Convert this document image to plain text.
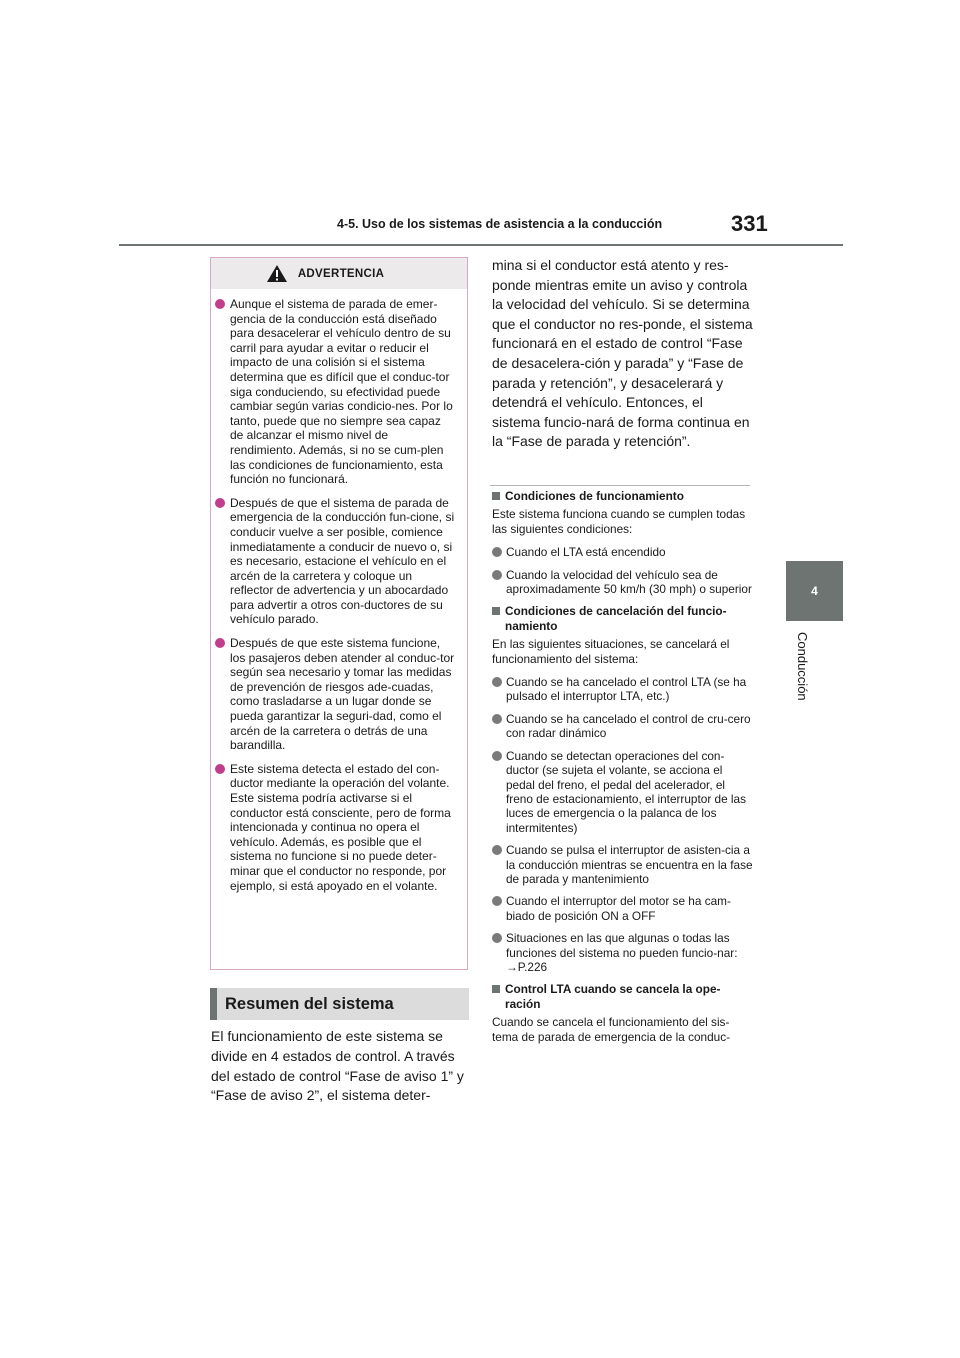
4-5. Uso de los sistemas de asistencia a la conducción	331
4
Conducción
ADVERTENCIA
Aunque el sistema de parada de emer-gencia de la conducción está diseñado para desacelerar el vehículo dentro de su carril para ayudar a evitar o reducir el impacto de una colisión si el sistema determina que es difícil que el conduc-tor siga conduciendo, su efectividad puede cambiar según varias condicio-nes. Por lo tanto, puede que no siempre sea capaz de alcanzar el mismo nivel de rendimiento. Además, si no se cum-plen las condiciones de funcionamiento, esta función no funcionará.
Después de que el sistema de parada de emergencia de la conducción fun-cione, si conducir vuelve a ser posible, comience inmediatamente a conducir de nuevo o, si es necesario, estacione el vehículo en el arcén de la carretera y coloque un reflector de advertencia y un abocardado para advertir a otros con-ductores de su vehículo parado.
Después de que este sistema funcione, los pasajeros deben atender al conduc-tor según sea necesario y tomar las medidas de prevención de riesgos ade-cuadas, como trasladarse a un lugar donde se pueda garantizar la seguri-dad, como el arcén de la carretera o detrás de una barandilla.
Este sistema detecta el estado del con-ductor mediante la operación del volante. Este sistema podría activarse si el conductor está consciente, pero de forma intencionada y continua no opera el vehículo. Además, es posible que el sistema no funcione si no puede deter-minar que el conductor no responde, por ejemplo, si está apoyado en el volante.
Resumen del sistema
El funcionamiento de este sistema se divide en 4 estados de control. A través del estado de control “Fase de aviso 1” y “Fase de aviso 2”, el sistema deter-
mina si el conductor está atento y res-ponde mientras emite un aviso y controla la velocidad del vehículo. Si se determina que el conductor no res-ponde, el sistema funcionará en el estado de control “Fase de desacelera-ción y parada” y “Fase de parada y retención”, y desacelerará y detendrá el vehículo. Entonces, el sistema funcio-nará de forma continua en la “Fase de parada y retención”.
Condiciones de funcionamiento
Este sistema funciona cuando se cumplen todas las siguientes condiciones:
Cuando el LTA está encendido
Cuando la velocidad del vehículo sea de aproximadamente 50 km/h (30 mph) o superior
Condiciones de cancelación del funcio-namiento
En las siguientes situaciones, se cancelará el funcionamiento del sistema:
Cuando se ha cancelado el control LTA (se ha pulsado el interruptor LTA, etc.)
Cuando se ha cancelado el control de cru-cero con radar dinámico
Cuando se detectan operaciones del con-ductor (se sujeta el volante, se acciona el pedal del freno, el pedal del acelerador, el freno de estacionamiento, el interruptor de las luces de emergencia o la palanca de los intermitentes)
Cuando se pulsa el interruptor de asisten-cia a la conducción mientras se encuentra en la fase de parada y mantenimiento
Cuando el interruptor del motor se ha cam-biado de posición ON a OFF
Situaciones en las que algunas o todas las funciones del sistema no pueden funcio-nar: →P.226
Control LTA cuando se cancela la ope-ración
Cuando se cancela el funcionamiento del sis-tema de parada de emergencia de la conduc-
